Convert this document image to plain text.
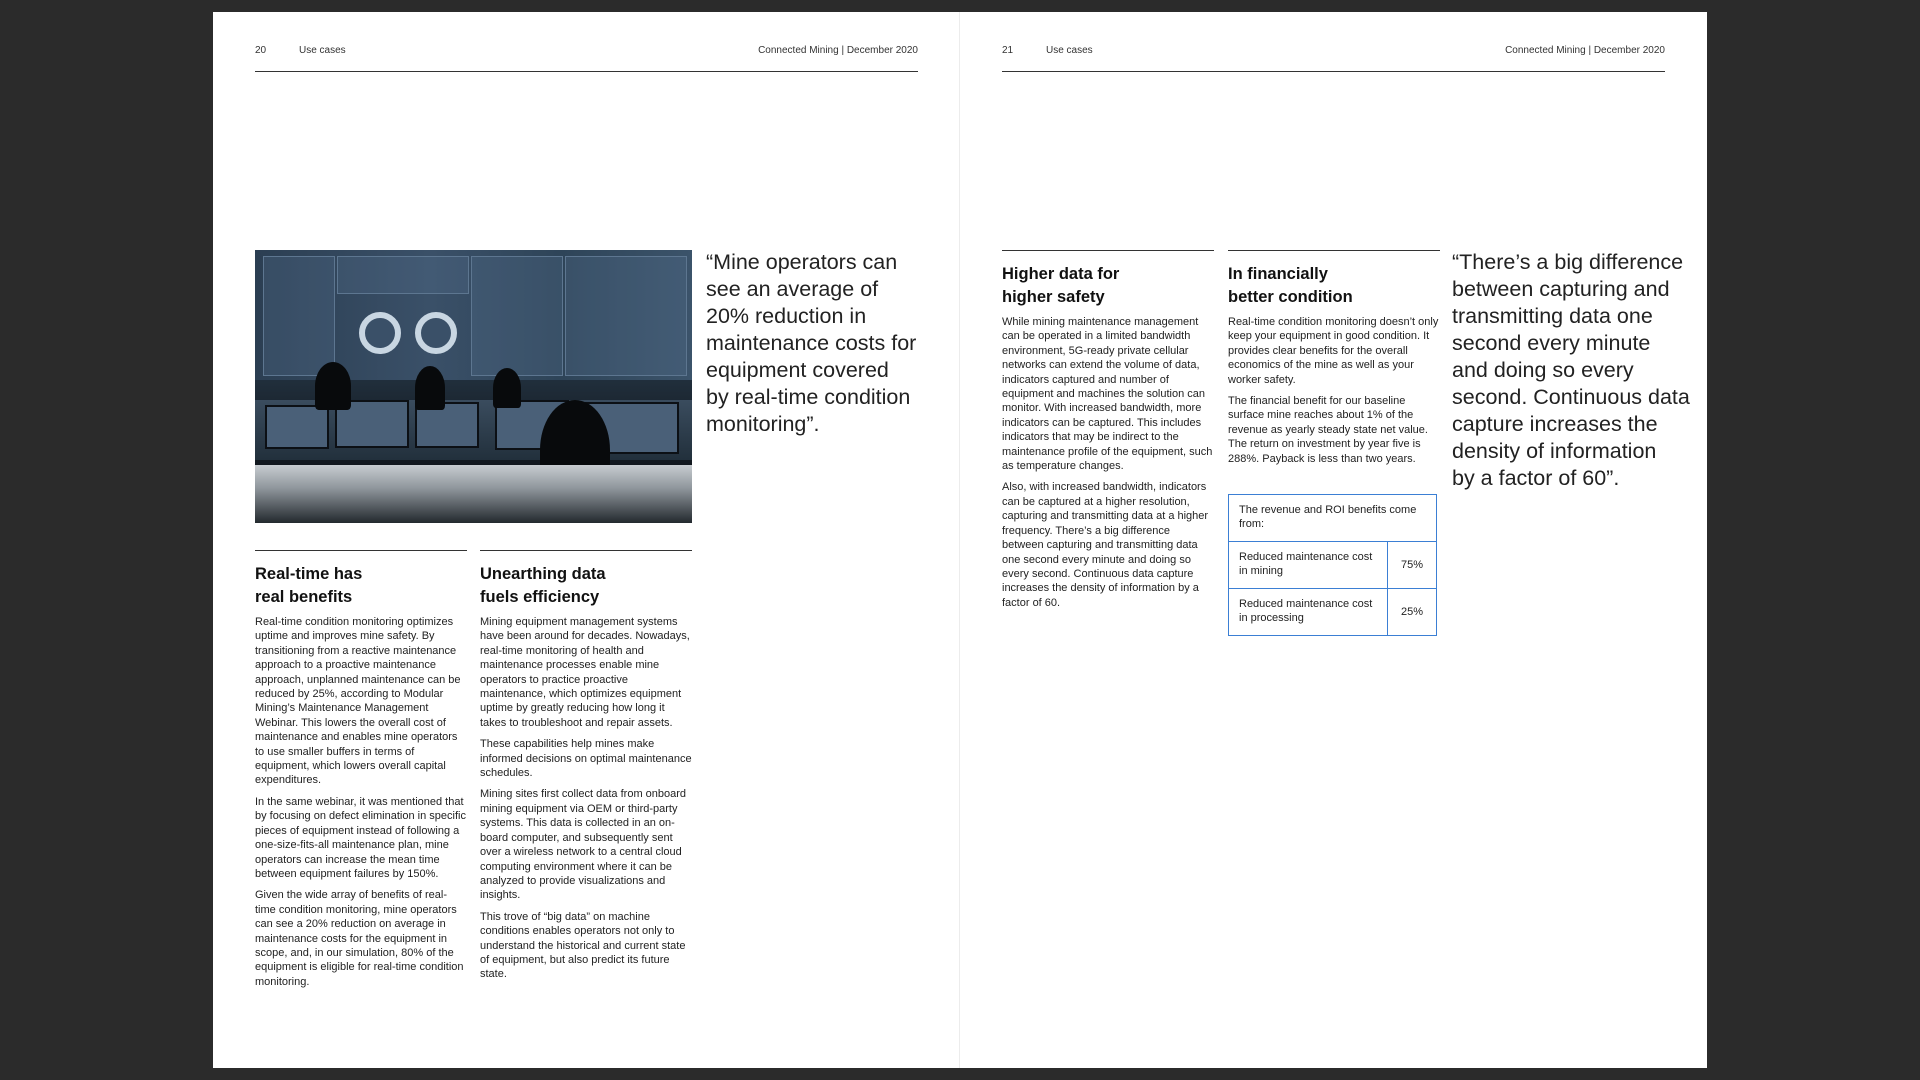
20	Use cases	Connected Mining | December 2020
“Mine operators can
see an average of
20% reduction in
maintenance costs for
equipment covered
by real-time condition
monitoring”.
Real-time has
real benefits

Real-time condition monitoring optimizes uptime and improves mine safety. By transitioning from a reactive maintenance approach to a proactive maintenance approach, unplanned maintenance can be reduced by 25%, according to Modular Mining’s Maintenance Management Webinar. This lowers the overall cost of maintenance and enables mine operators to use smaller buffers in terms of equipment, which lowers overall capital expenditures.

In the same webinar, it was mentioned that by focusing on defect elimination in specific pieces of equipment instead of following a one-size-fits-all maintenance plan, mine operators can increase the mean time between equipment failures by 150%.

Given the wide array of benefits of real-time condition monitoring, mine operators can see a 20% reduction on average in maintenance costs for the equipment in scope, and, in our simulation, 80% of the equipment is eligible for real-time condition monitoring.

Unearthing data
fuels efficiency

Mining equipment management systems have been around for decades. Nowadays, real-time monitoring of health and maintenance processes enable mine operators to practice proactive maintenance, which optimizes equipment uptime by greatly reducing how long it takes to troubleshoot and repair assets.

These capabilities help mines make informed decisions on optimal maintenance schedules.

Mining sites first collect data from onboard mining equipment via OEM or third-party systems. This data is collected in an on-board computer, and subsequently sent over a wireless network to a central cloud computing environment where it can be analyzed to provide visualizations and insights.

This trove of “big data” on machine conditions enables operators not only to understand the historical and current state of equipment, but also predict its future state.

21	Use cases	Connected Mining | December 2020
Higher data for
higher safety

While mining maintenance management can be operated in a limited bandwidth environment, 5G-ready private cellular networks can extend the volume of data, indicators captured and number of equipment and machines the solution can monitor. With increased bandwidth, more indicators can be captured. This includes indicators that may be indirect to the maintenance profile of the equipment, such as temperature changes.

Also, with increased bandwidth, indicators can be captured at a higher resolution, capturing and transmitting data at a higher frequency. There’s a big difference between capturing and transmitting data one second every minute and doing so every second. Continuous data capture increases the density of information by a factor of 60.

In financially
better condition

Real-time condition monitoring doesn’t only keep your equipment in good condition. It provides clear benefits for the overall economics of the mine as well as your worker safety.

The financial benefit for our baseline surface mine reaches about 1% of the revenue as yearly steady state net value. The return on investment by year five is 288%. Payback is less than two years.

“There’s a big difference
between capturing and
transmitting data one
second every minute
and doing so every
second. Continuous data
capture increases the
density of information
by a factor of 60”.
The revenue and ROI benefits come from:
Reduced maintenance cost in mining	75%
Reduced maintenance cost in processing	25%
